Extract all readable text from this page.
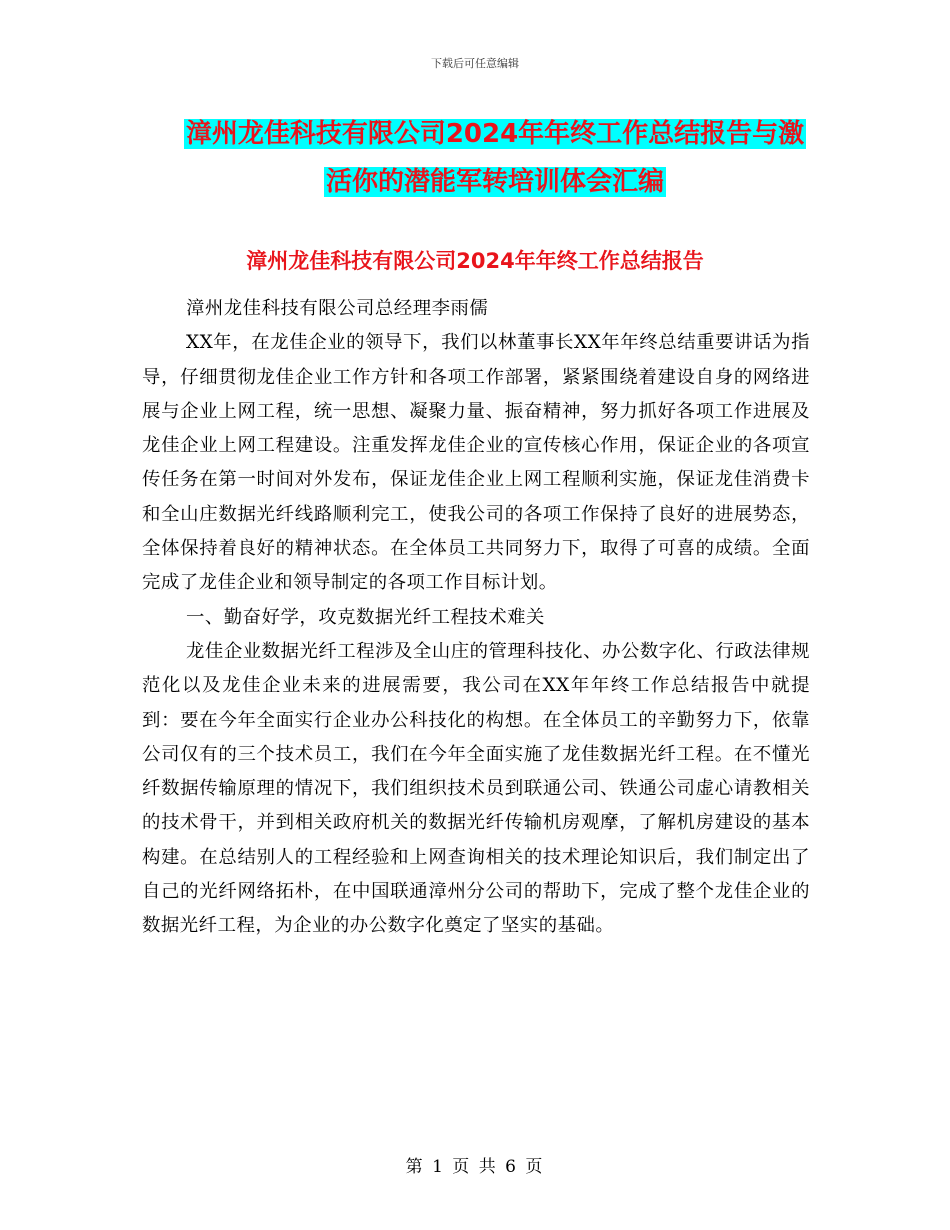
下载后可任意编辑
漳州龙佳科技有限公司2024年年终工作总结报告与激
活你的潜能军转培训体会汇编
漳州龙佳科技有限公司2024年年终工作总结报告

漳州龙佳科技有限公司总经理李雨儒

XX年，在龙佳企业的领导下，我们以林董事长XX年年终总结重要讲话为指导，仔细贯彻龙佳企业工作方针和各项工作部署，紧紧围绕着建设自身的网络进展与企业上网工程，统一思想、凝聚力量、振奋精神，努力抓好各项工作进展及龙佳企业上网工程建设。注重发挥龙佳企业的宣传核心作用，保证企业的各项宣传任务在第一时间对外发布，保证龙佳企业上网工程顺利实施，保证龙佳消费卡和全山庄数据光纤线路顺利完工，使我公司的各项工作保持了良好的进展势态，全体保持着良好的精神状态。在全体员工共同努力下，取得了可喜的成绩。全面完成了龙佳企业和领导制定的各项工作目标计划。

一、勤奋好学，攻克数据光纤工程技术难关

龙佳企业数据光纤工程涉及全山庄的管理科技化、办公数字化、行政法律规范化以及龙佳企业未来的进展需要，我公司在XX年年终工作总结报告中就提到：要在今年全面实行企业办公科技化的构想。在全体员工的辛勤努力下，依靠公司仅有的三个技术员工，我们在今年全面实施了龙佳数据光纤工程。在不懂光纤数据传输原理的情况下，我们组织技术员到联通公司、铁通公司虚心请教相关的技术骨干，并到相关政府机关的数据光纤传输机房观摩，了解机房建设的基本构建。在总结别人的工程经验和上网查询相关的技术理论知识后，我们制定出了自己的光纤网络拓朴，在中国联通漳州分公司的帮助下，完成了整个龙佳企业的数据光纤工程，为企业的办公数字化奠定了坚实的基础。

第 1 页 共 6 页
